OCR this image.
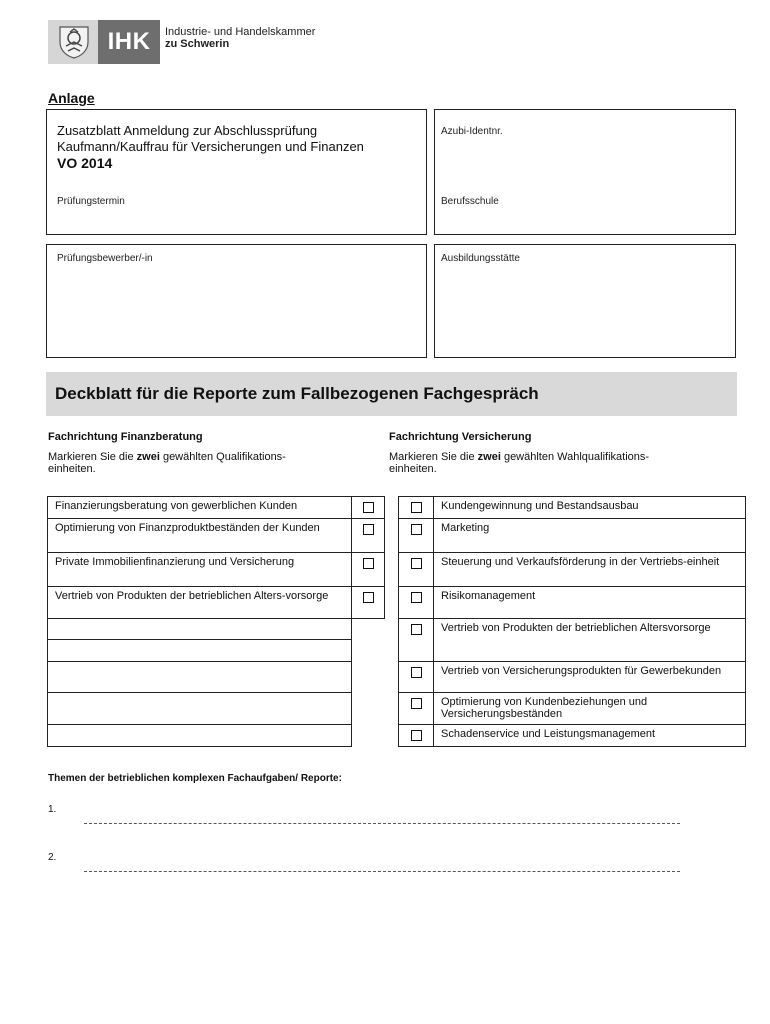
IHK	Industrie- und Handelskammer
zu Schwerin
Anlage
Zusatzblatt Anmeldung zur Abschlussprüfung
Kaufmann/Kauffrau für Versicherungen und Finanzen
VO 2014
Prüfungstermin
Azubi-Identnr.
Berufsschule
Prüfungsbewerber/-in	Ausbildungsstätte
Deckblatt für die Reporte zum Fallbezogenen Fachgespräch
Fachrichtung Finanzberatung
Markieren Sie die zwei gewählten Qualifikations-
einheiten.
Fachrichtung Versicherung
Markieren Sie die zwei gewählten Wahlqualifikations-
einheiten.
Finanzierungsberatung von gewerblichen Kunden				Kundengewinnung und Bestandsausbau
Optimierung von Finanzproduktbeständen der Kunden				Marketing
Private Immobilienfinanzierung und Versicherung				Steuerung und Verkaufsförderung in der Vertriebs-einheit
Vertrieb von Produkten der betrieblichen Alters-vorsorge				Risikomanagement
				Vertrieb von Produkten der betrieblichen Altersvorsorge

				Vertrieb von Versicherungsprodukten für Gewerbekunden
				Optimierung von Kundenbeziehungen und Versicherungsbeständen
				Schadenservice und Leistungsmanagement
Themen der betrieblichen komplexen Fachaufgaben/ Reporte:
1.
2.
